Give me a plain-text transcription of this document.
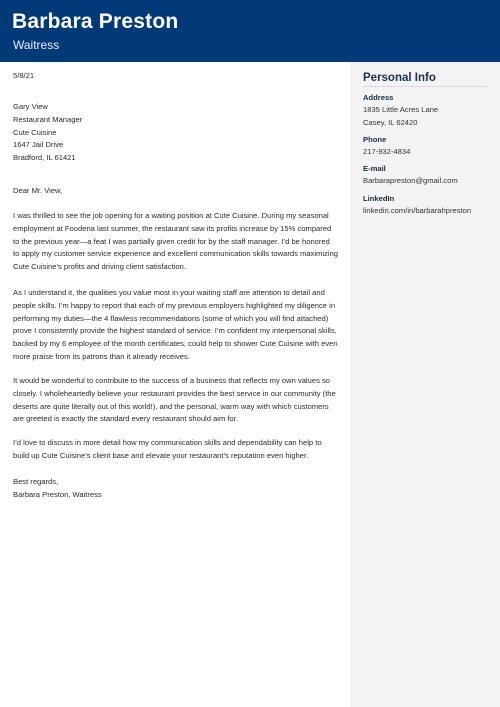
Barbara Preston
Waitress
5/8/21
Gary View
Restaurant Manager
Cute Cuisine
1647 Jail Drive
Bradford, IL 61421
Dear Mr. View,

I was thrilled to see the job opening for a waiting position at Cute Cuisine. During my seasonal employment at Foodena last summer, the restaurant saw its profits increase by 15% compared to the previous year—a feat I was partially given credit for by the staff manager. I’d be honored to apply my customer service experience and excellent communication skills towards maximizing Cute Cuisine’s profits and driving client satisfaction.

As I understand it, the qualities you value most in your waiting staff are attention to detail and people skills. I’m happy to report that each of my previous employers highlighted my diligence in performing my duties—the 4 flawless recommendations (some of which you will find attached) prove I consistently provide the highest standard of service. I’m confident my interpersonal skills, backed by my 6 employee of the month certificates, could help to shower Cute Cuisine with even more praise from its patrons than it already receives.

It would be wonderful to contribute to the success of a business that reflects my own values so closely. I wholeheartedly believe your restaurant provides the best service in our community (the deserts are quite literally out of this world!), and the personal, warm way with which customers are greeted is exactly the standard every restaurant should aim for.

I’d love to discuss in more detail how my communication skills and dependability can help to build up Cute Cuisine’s client base and elevate your restaurant’s reputation even higher.

Best regards,
Barbara Preston, Waitress
Personal Info
Address
1835 Little Acres Lane
Casey, IL 62420
Phone
217-932-4834
E-mail
Barbarapreston@gmail.com
LinkedIn
linkedin.com/in/barbarahpreston
